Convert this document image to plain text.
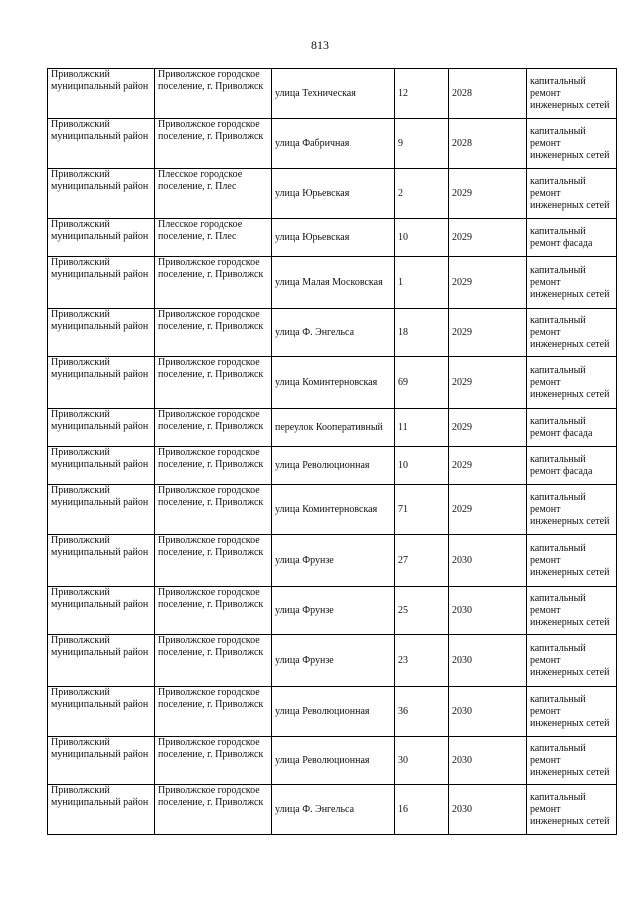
813
Приволжский муниципальный район	Приволжское городское поселение, г. Приволжск	улица Техническая	12	2028	капитальный ремонт инженерных сетей
Приволжский муниципальный район	Приволжское городское поселение, г. Приволжск	улица Фабричная	9	2028	капитальный ремонт инженерных сетей
Приволжский муниципальный район	Плесское городское поселение, г. Плес	улица Юрьевская	2	2029	капитальный ремонт инженерных сетей
Приволжский муниципальный район	Плесское городское поселение, г. Плес	улица Юрьевская	10	2029	капитальный ремонт фасада
Приволжский муниципальный район	Приволжское городское поселение, г. Приволжск	улица Малая Московская	1	2029	капитальный ремонт инженерных сетей
Приволжский муниципальный район	Приволжское городское поселение, г. Приволжск	улица Ф. Энгельса	18	2029	капитальный ремонт инженерных сетей
Приволжский муниципальный район	Приволжское городское поселение, г. Приволжск	улица Коминтерновская	69	2029	капитальный ремонт инженерных сетей
Приволжский муниципальный район	Приволжское городское поселение, г. Приволжск	переулок Кооперативный	11	2029	капитальный ремонт фасада
Приволжский муниципальный район	Приволжское городское поселение, г. Приволжск	улица Революционная	10	2029	капитальный ремонт фасада
Приволжский муниципальный район	Приволжское городское поселение, г. Приволжск	улица Коминтерновская	71	2029	капитальный ремонт инженерных сетей
Приволжский муниципальный район	Приволжское городское поселение, г. Приволжск	улица Фрунзе	27	2030	капитальный ремонт инженерных сетей
Приволжский муниципальный район	Приволжское городское поселение, г. Приволжск	улица Фрунзе	25	2030	капитальный ремонт инженерных сетей
Приволжский муниципальный район	Приволжское городское поселение, г. Приволжск	улица Фрунзе	23	2030	капитальный ремонт инженерных сетей
Приволжский муниципальный район	Приволжское городское поселение, г. Приволжск	улица Революционная	36	2030	капитальный ремонт инженерных сетей
Приволжский муниципальный район	Приволжское городское поселение, г. Приволжск	улица Революционная	30	2030	капитальный ремонт инженерных сетей
Приволжский муниципальный район	Приволжское городское поселение, г. Приволжск	улица Ф. Энгельса	16	2030	капитальный ремонт инженерных сетей
